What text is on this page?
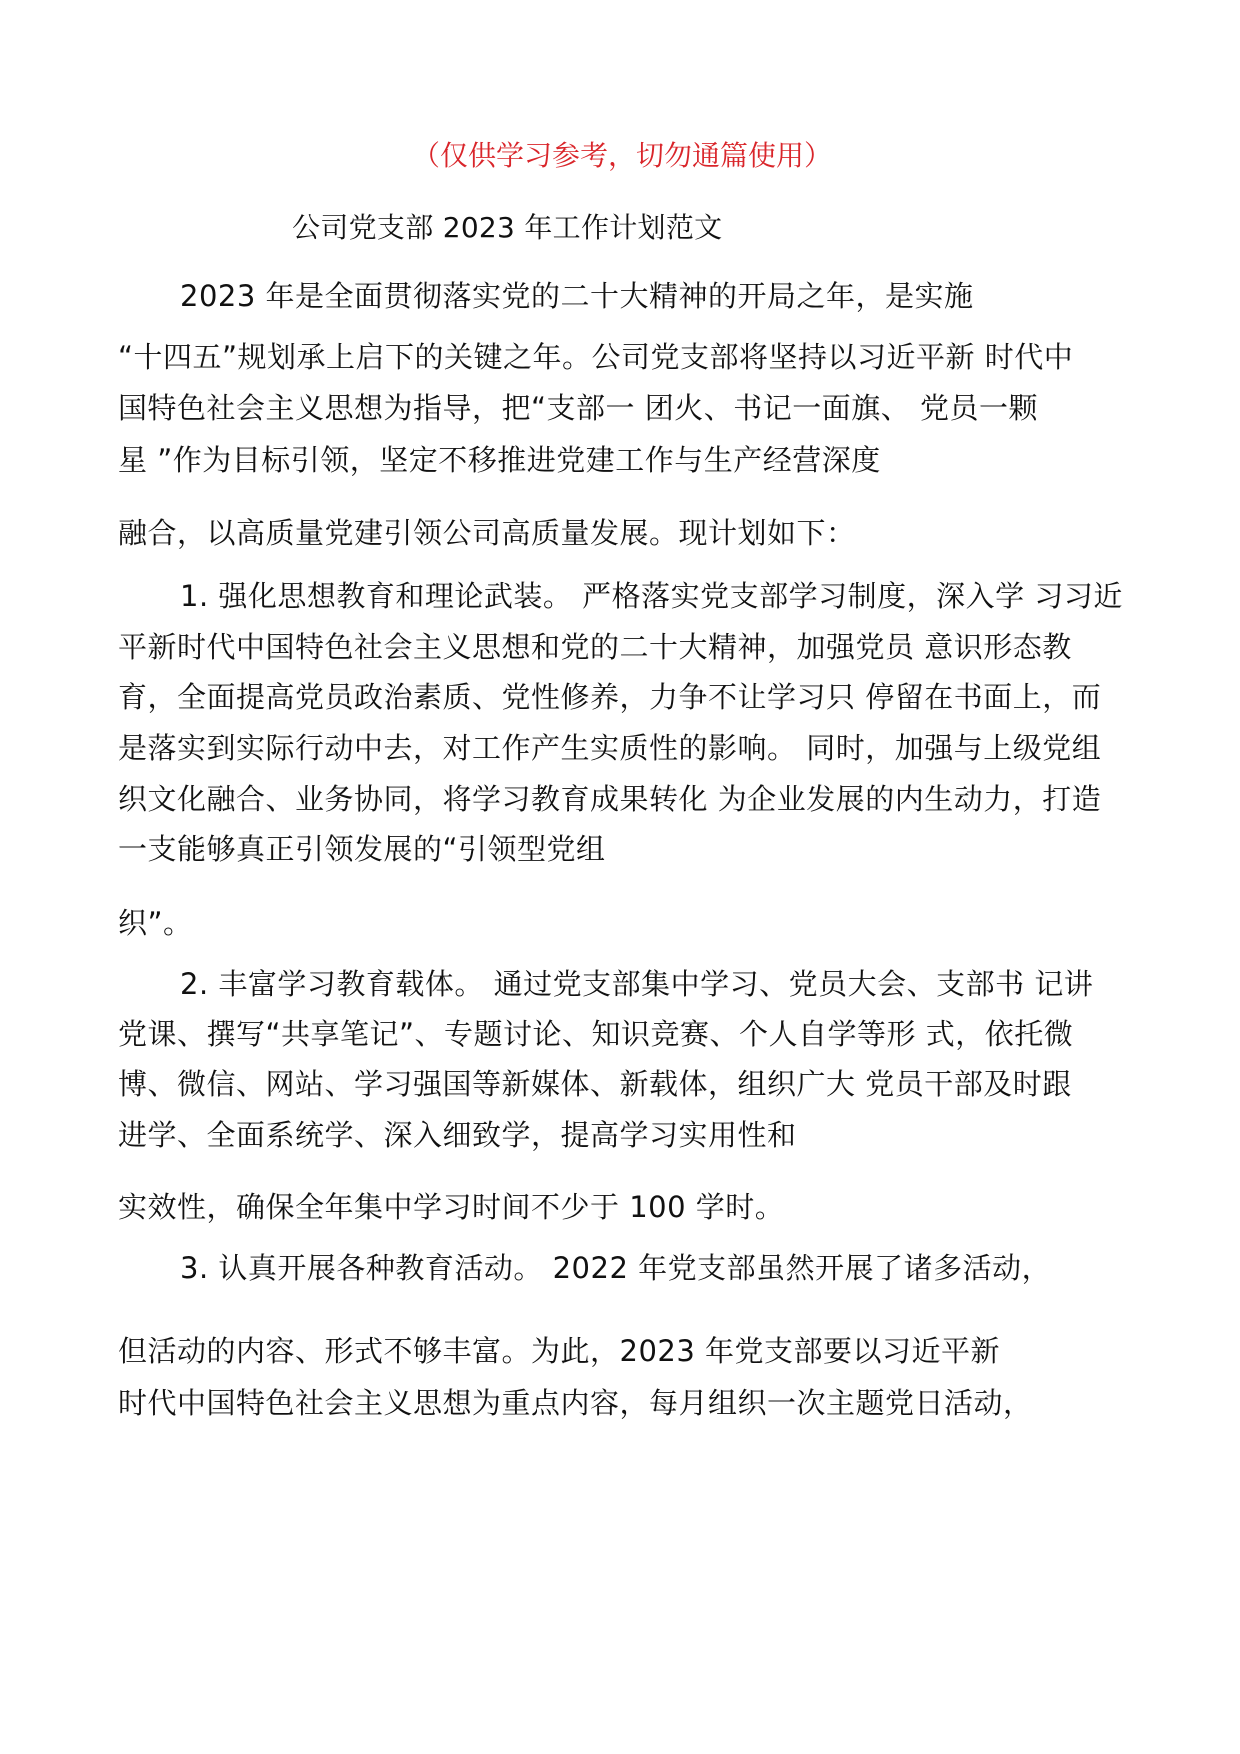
（仅供学习参考，切勿通篇使用）
公司党支部 2023 年工作计划范文
2023 年是全面贯彻落实党的二十大精神的开局之年，是实施
“十四五”规划承上启下的关键之年。公司党支部将坚持以习近平新 时代中
国特色社会主义思想为指导，把“支部一 团火、书记一面旗、 党员一颗
星 ”作为目标引领，坚定不移推进党建工作与生产经营深度
融合，以高质量党建引领公司高质量发展。现计划如下：
1. 强化思想教育和理论武装。 严格落实党支部学习制度，深入学 习习近
平新时代中国特色社会主义思想和党的二十大精神，加强党员 意识形态教
育，全面提高党员政治素质、党性修养，力争不让学习只 停留在书面上，而
是落实到实际行动中去，对工作产生实质性的影响。 同时，加强与上级党组
织文化融合、业务协同，将学习教育成果转化 为企业发展的内生动力，打造
一支能够真正引领发展的“引领型党组
织”。
2. 丰富学习教育载体。 通过党支部集中学习、党员大会、支部书 记讲
党课、撰写“共享笔记”、专题讨论、知识竞赛、个人自学等形 式，依托微
博、微信、网站、学习强国等新媒体、新载体，组织广大 党员干部及时跟
进学、全面系统学、深入细致学，提高学习实用性和
实效性，确保全年集中学习时间不少于 100 学时。
3. 认真开展各种教育活动。 2022 年党支部虽然开展了诸多活动，
但活动的内容、形式不够丰富。为此，2023 年党支部要以习近平新
时代中国特色社会主义思想为重点内容，每月组织一次主题党日活动，
